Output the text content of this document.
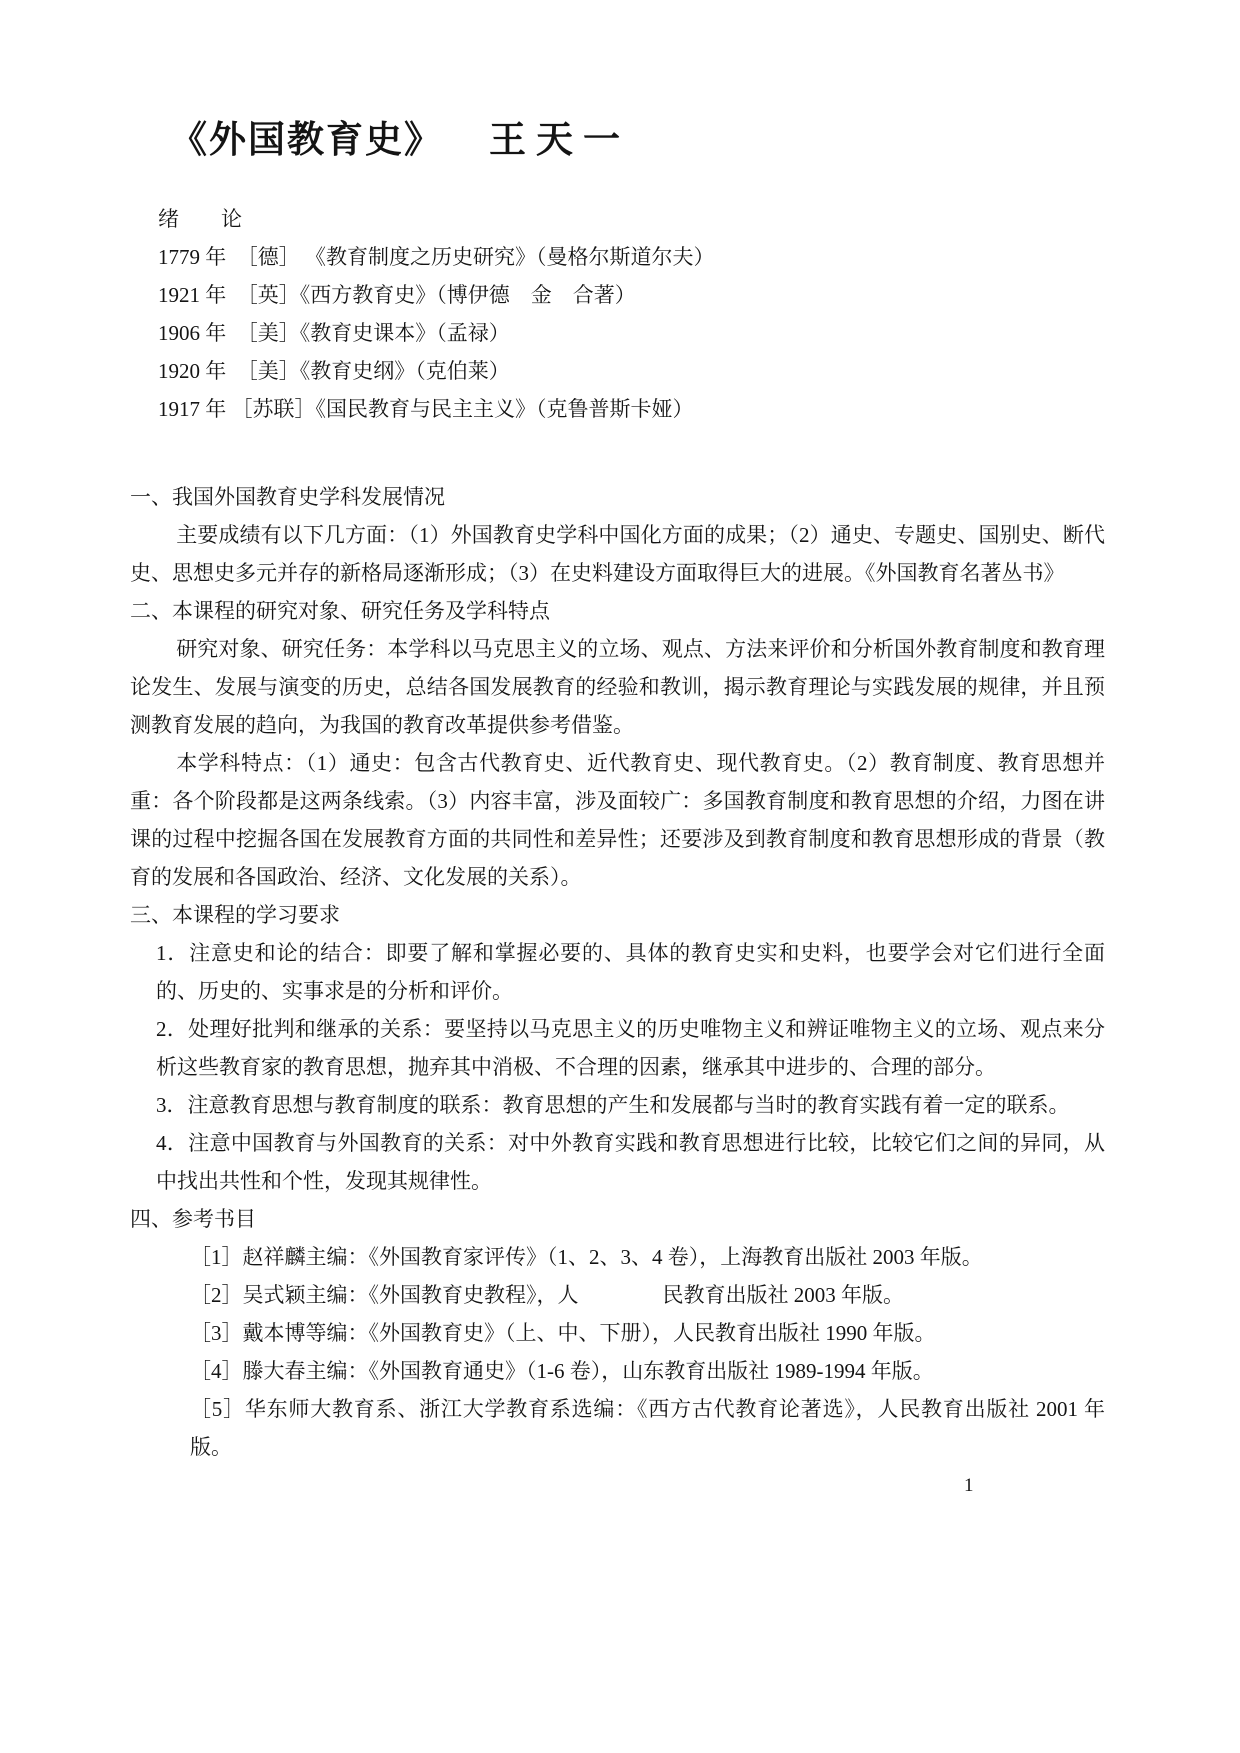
《外国教育史》 王天一
绪　　论
1779 年　［德］ 《教育制度之历史研究》（曼格尔斯道尔夫）
1921 年　［英］《西方教育史》（博伊德　金　合著）
1906 年　［美］《教育史课本》（孟禄）
1920 年　［美］《教育史纲》（克伯莱）
1917 年 ［苏联］《国民教育与民主主义》（克鲁普斯卡娅）
一、我国外国教育史学科发展情况

主要成绩有以下几方面：（1）外国教育史学科中国化方面的成果；（2）通史、专题史、国别史、断代史、思想史多元并存的新格局逐渐形成；（3）在史料建设方面取得巨大的进展。《外国教育名著丛书》

二、本课程的研究对象、研究任务及学科特点

研究对象、研究任务：本学科以马克思主义的立场、观点、方法来评价和分析国外教育制度和教育理论发生、发展与演变的历史，总结各国发展教育的经验和教训，揭示教育理论与实践发展的规律，并且预测教育发展的趋向，为我国的教育改革提供参考借鉴。

本学科特点：（1）通史：包含古代教育史、近代教育史、现代教育史。（2）教育制度、教育思想并重：各个阶段都是这两条线索。（3）内容丰富，涉及面较广：多国教育制度和教育思想的介绍，力图在讲课的过程中挖掘各国在发展教育方面的共同性和差异性；还要涉及到教育制度和教育思想形成的背景（教育的发展和各国政治、经济、文化发展的关系）。

三、本课程的学习要求

1．注意史和论的结合：即要了解和掌握必要的、具体的教育史实和史料，也要学会对它们进行全面的、历史的、实事求是的分析和评价。

2．处理好批判和继承的关系：要坚持以马克思主义的历史唯物主义和辨证唯物主义的立场、观点来分析这些教育家的教育思想，抛弃其中消极、不合理的因素，继承其中进步的、合理的部分。

3．注意教育思想与教育制度的联系：教育思想的产生和发展都与当时的教育实践有着一定的联系。

4．注意中国教育与外国教育的关系：对中外教育实践和教育思想进行比较，比较它们之间的异同，从中找出共性和个性，发现其规律性。

四、参考书目

［1］赵祥麟主编：《外国教育家评传》（1、2、3、4 卷），上海教育出版社 2003 年版。

［2］吴式颖主编：《外国教育史教程》，人　　　　民教育出版社 2003 年版。

［3］戴本博等编：《外国教育史》（上、中、下册），人民教育出版社 1990 年版。

［4］滕大春主编：《外国教育通史》（1-6 卷），山东教育出版社 1989-1994 年版。

［5］华东师大教育系、浙江大学教育系选编：《西方古代教育论著选》，人民教育出版社 2001 年版。

1
